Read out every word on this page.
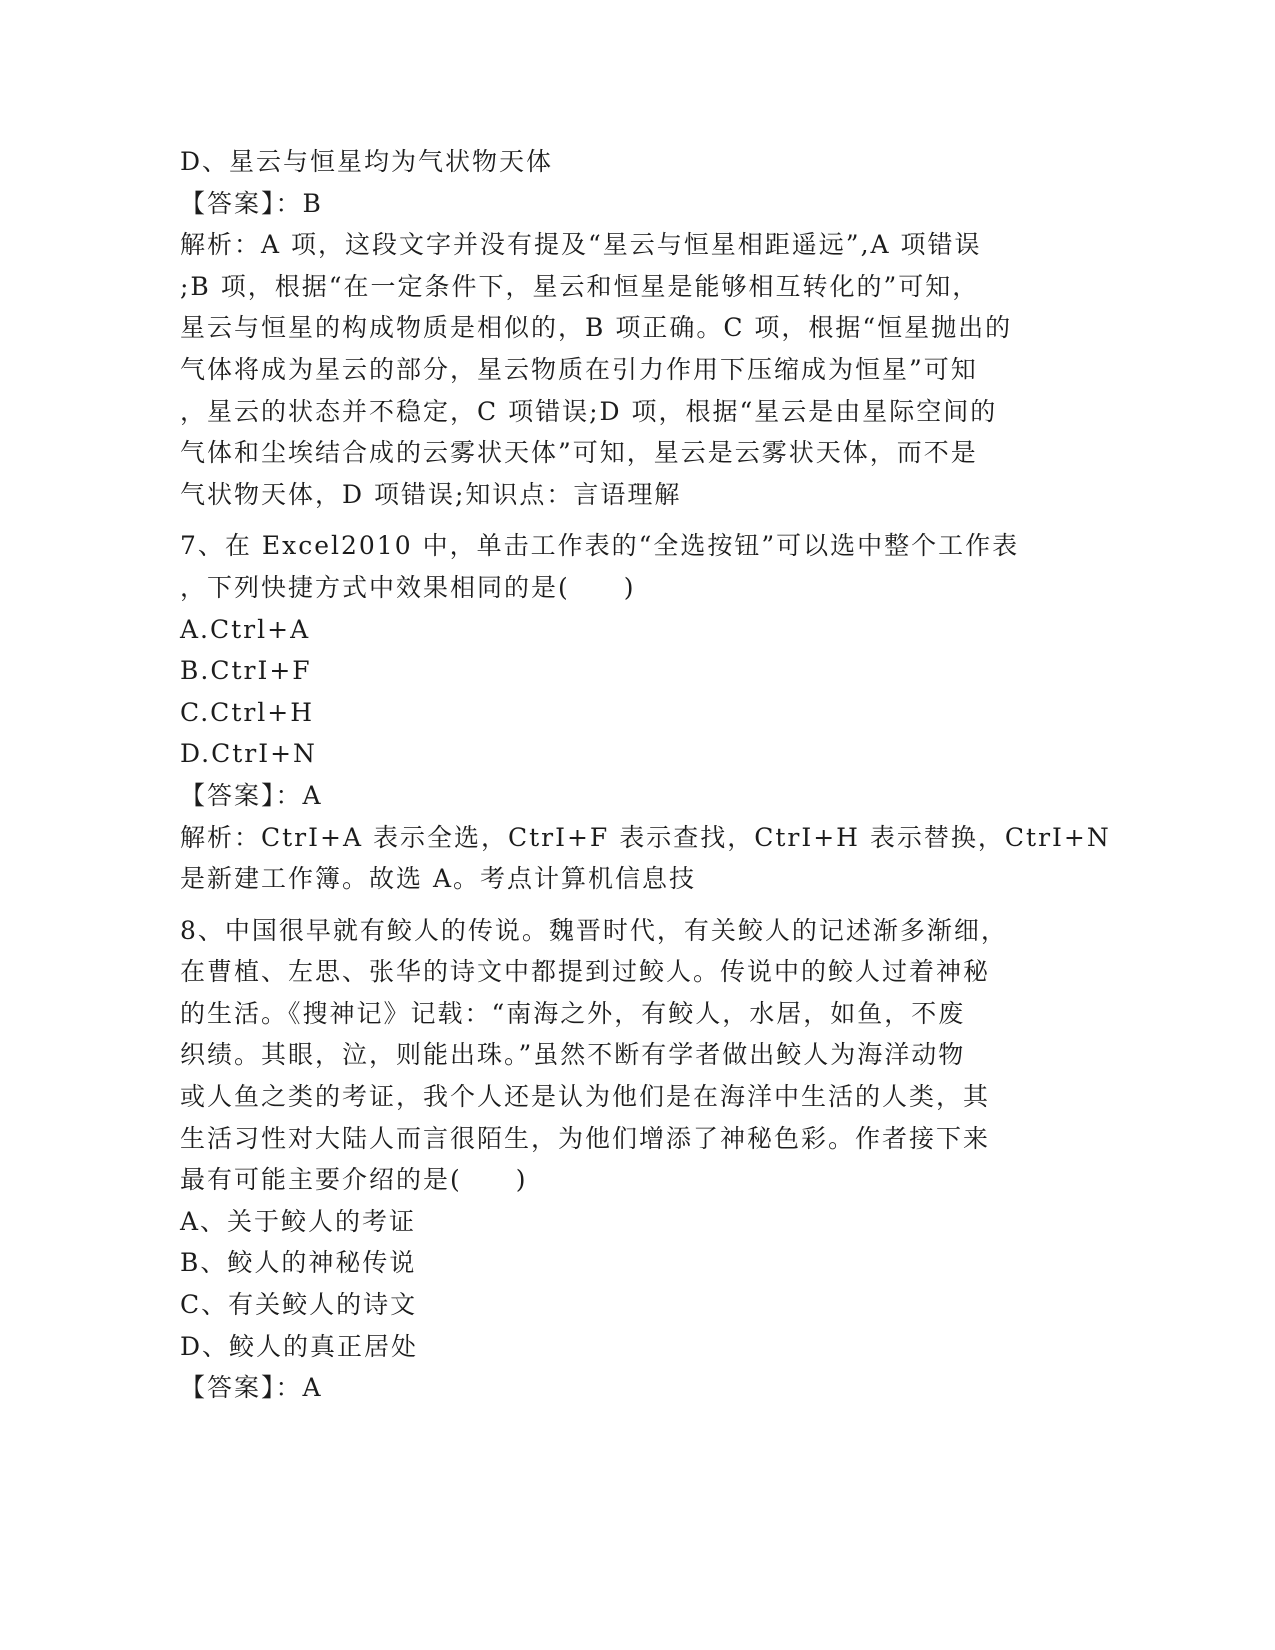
D、星云与恒星均为气状物天体
【答案】：B
解析：A 项，这段文字并没有提及“星云与恒星相距遥远”,A 项错误
;B 项，根据“在一定条件下，星云和恒星是能够相互转化的”可知，
星云与恒星的构成物质是相似的，B 项正确。C 项，根据“恒星抛出的
气体将成为星云的部分，星云物质在引力作用下压缩成为恒星”可知
，星云的状态并不稳定，C 项错误;D 项，根据“星云是由星际空间的
气体和尘埃结合成的云雾状天体”可知，星云是云雾状天体，而不是
气状物天体，D 项错误;知识点：言语理解
7、在 Excel2010 中，单击工作表的“全选按钮”可以选中整个工作表
，下列快捷方式中效果相同的是(　　)
A.Ctrl+A
B.CtrI+F
C.Ctrl+H
D.CtrI+N
【答案】：A
解析：CtrI+A 表示全选，CtrI+F 表示查找，CtrI+H 表示替换，CtrI+N
是新建工作簿。故选 A。考点计算机信息技
8、中国很早就有鲛人的传说。魏晋时代，有关鲛人的记述渐多渐细，
在曹植、左思、张华的诗文中都提到过鲛人。传说中的鲛人过着神秘
的生活。《搜神记》记载：“南海之外，有鲛人，水居，如鱼，不废
织绩。其眼，泣，则能出珠。”虽然不断有学者做出鲛人为海洋动物
或人鱼之类的考证，我个人还是认为他们是在海洋中生活的人类，其
生活习性对大陆人而言很陌生，为他们增添了神秘色彩。作者接下来
最有可能主要介绍的是(　　)
A、关于鲛人的考证
B、鲛人的神秘传说
C、有关鲛人的诗文
D、鲛人的真正居处
【答案】：A
